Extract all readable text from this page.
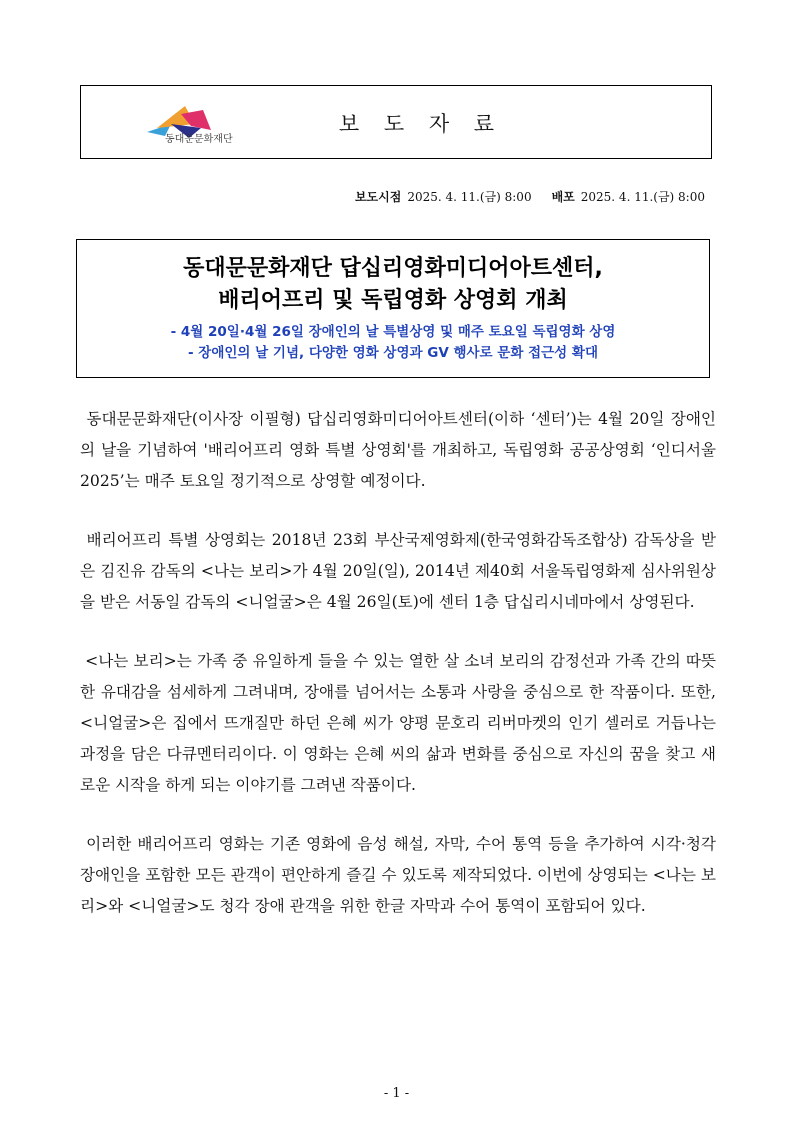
동대문문화재단
보 도 자 료
보도시점 2025. 4. 11.(금) 8:00 배포 2025. 4. 11.(금) 8:00
동대문문화재단 답십리영화미디어아트센터,
배리어프리 및 독립영화 상영회 개최
- 4월 20일·4월 26일 장애인의 날 특별상영 및 매주 토요일 독립영화 상영
- 장애인의 날 기념, 다양한 영화 상영과 GV 행사로 문화 접근성 확대

동대문문화재단(이사장 이필형) 답십리영화미디어아트센터(이하 ‘센터’)는 4월 20일 장애인의 날을 기념하여 '배리어프리 영화 특별 상영회'를 개최하고, 독립영화 공공상영회 ‘인디서울 2025’는 매주 토요일 정기적으로 상영할 예정이다.

배리어프리 특별 상영회는 2018년 23회 부산국제영화제(한국영화감독조합상) 감독상을 받은 김진유 감독의 <나는 보리>가 4월 20일(일), 2014년 제40회 서울독립영화제 심사위원상을 받은 서동일 감독의 <니얼굴>은 4월 26일(토)에 센터 1층 답십리시네마에서 상영된다.

<나는 보리>는 가족 중 유일하게 들을 수 있는 열한 살 소녀 보리의 감정선과 가족 간의 따뜻한 유대감을 섬세하게 그려내며, 장애를 넘어서는 소통과 사랑을 중심으로 한 작품이다. 또한, <니얼굴>은 집에서 뜨개질만 하던 은혜 씨가 양평 문호리 리버마켓의 인기 셀러로 거듭나는 과정을 담은 다큐멘터리이다. 이 영화는 은혜 씨의 삶과 변화를 중심으로 자신의 꿈을 찾고 새로운 시작을 하게 되는 이야기를 그려낸 작품이다.

이러한 배리어프리 영화는 기존 영화에 음성 해설, 자막, 수어 통역 등을 추가하여 시각·청각 장애인을 포함한 모든 관객이 편안하게 즐길 수 있도록 제작되었다. 이번에 상영되는 <나는 보리>와 <니얼굴>도 청각 장애 관객을 위한 한글 자막과 수어 통역이 포함되어 있다.

- 1 -
